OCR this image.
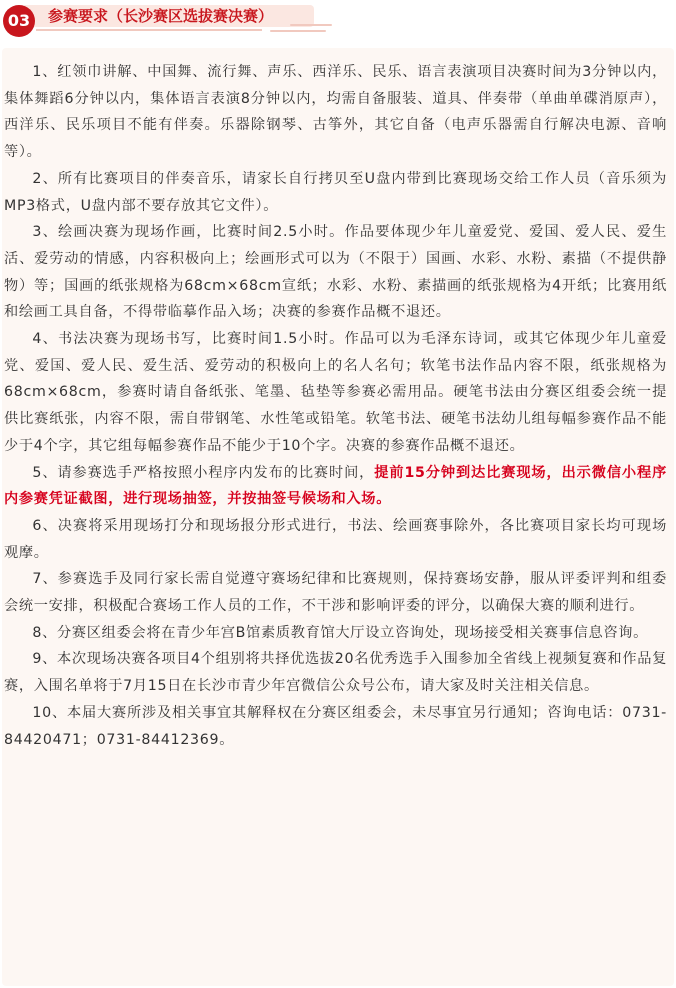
03	参赛要求（长沙赛区选拔赛决赛）

1、红领巾讲解、中国舞、流行舞、声乐、西洋乐、民乐、语言表演项目决赛时间为3分钟以内，集体舞蹈6分钟以内，集体语言表演8分钟以内，均需自备服装、道具、伴奏带（单曲单碟消原声），西洋乐、民乐项目不能有伴奏。乐器除钢琴、古筝外，其它自备（电声乐器需自行解决电源、音响等）。

2、所有比赛项目的伴奏音乐，请家长自行拷贝至U盘内带到比赛现场交给工作人员（音乐须为MP3格式，U盘内部不要存放其它文件）。

3、绘画决赛为现场作画，比赛时间2.5小时。作品要体现少年儿童爱党、爱国、爱人民、爱生活、爱劳动的情感，内容积极向上；绘画形式可以为（不限于）国画、水彩、水粉、素描（不提供静物）等；国画的纸张规格为68cm×68cm宣纸；水彩、水粉、素描画的纸张规格为4开纸；比赛用纸和绘画工具自备，不得带临摹作品入场；决赛的参赛作品概不退还。

4、书法决赛为现场书写，比赛时间1.5小时。作品可以为毛泽东诗词，或其它体现少年儿童爱党、爱国、爱人民、爱生活、爱劳动的积极向上的名人名句；软笔书法作品内容不限，纸张规格为68cm×68cm，参赛时请自备纸张、笔墨、毡垫等参赛必需用品。硬笔书法由分赛区组委会统一提供比赛纸张，内容不限，需自带钢笔、水性笔或铅笔。软笔书法、硬笔书法幼儿组每幅参赛作品不能少于4个字，其它组每幅参赛作品不能少于10个字。决赛的参赛作品概不退还。

5、请参赛选手严格按照小程序内发布的比赛时间，提前15分钟到达比赛现场，出示微信小程序内参赛凭证截图，进行现场抽签，并按抽签号候场和入场。

6、决赛将采用现场打分和现场报分形式进行，书法、绘画赛事除外，各比赛项目家长均可现场观摩。

7、参赛选手及同行家长需自觉遵守赛场纪律和比赛规则，保持赛场安静，服从评委评判和组委会统一安排，积极配合赛场工作人员的工作，不干涉和影响评委的评分，以确保大赛的顺利进行。

8、分赛区组委会将在青少年宫B馆素质教育馆大厅设立咨询处，现场接受相关赛事信息咨询。

9、本次现场决赛各项目4个组别将共择优选拔20名优秀选手入围参加全省线上视频复赛和作品复赛，入围名单将于7月15日在长沙市青少年宫微信公众号公布，请大家及时关注相关信息。

10、本届大赛所涉及相关事宜其解释权在分赛区组委会，未尽事宜另行通知；咨询电话：0731-84420471；0731-84412369。
